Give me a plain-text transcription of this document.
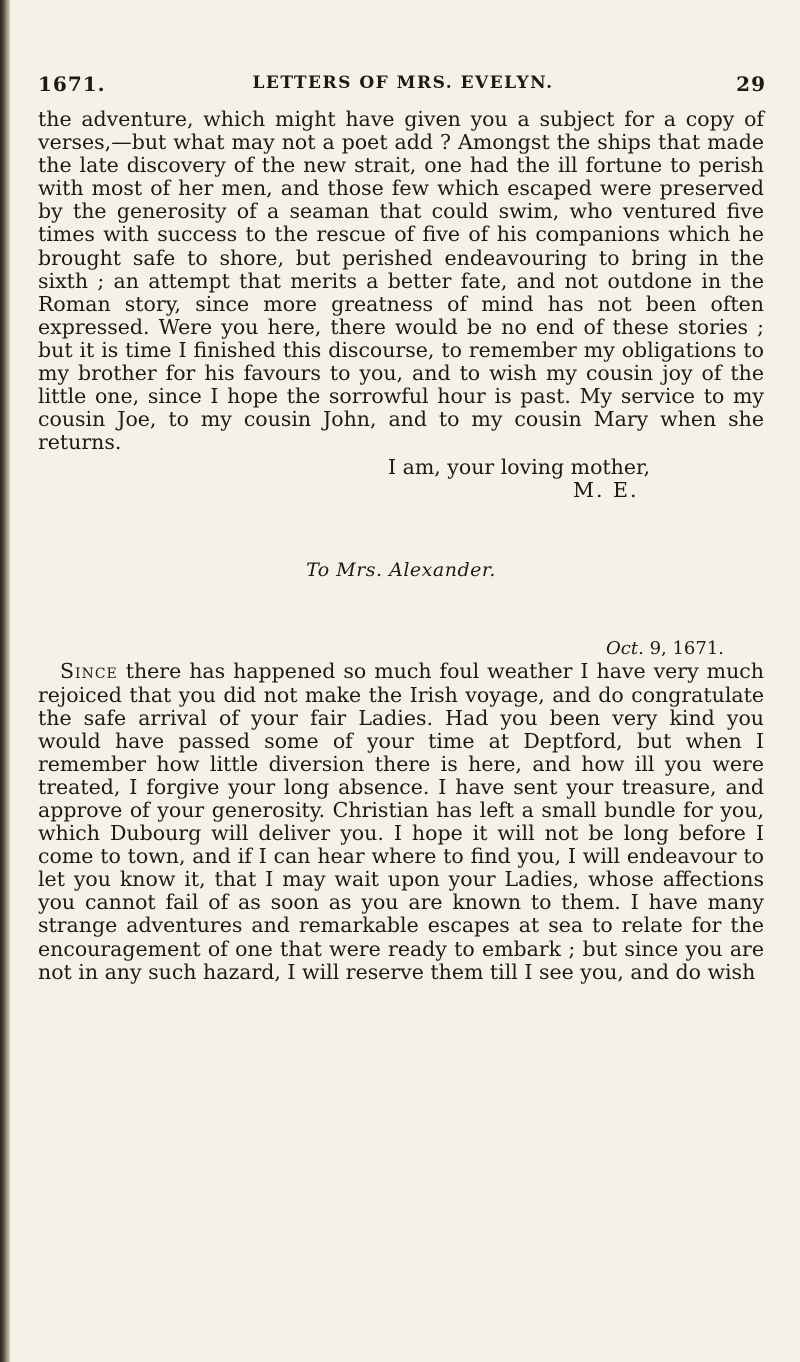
1671.	LETTERS OF MRS. EVELYN.	29

the adventure, which might have given you a subject for a copy of verses,—but what may not a poet add ? Amongst the ships that made the late discovery of the new strait, one had the ill fortune to perish with most of her men, and those few which escaped were preserved by the generosity of a seaman that could swim, who ventured five times with success to the rescue of five of his companions which he brought safe to shore, but perished endeavouring to bring in the sixth ; an attempt that merits a better fate, and not outdone in the Roman story, since more greatness of mind has not been often expressed. Were you here, there would be no end of these stories ; but it is time I finished this discourse, to remember my obligations to my brother for his favours to you, and to wish my cousin joy of the little one, since I hope the sorrowful hour is past. My service to my cousin Joe, to my cousin John, and to my cousin Mary when she returns.

I am, your loving mother,
M. E.
To Mrs. Alexander.
Oct. 9, 1671.

Since there has happened so much foul weather I have very much rejoiced that you did not make the Irish voyage, and do congratulate the safe arrival of your fair Ladies. Had you been very kind you would have passed some of your time at Deptford, but when I remember how little diversion there is here, and how ill you were treated, I forgive your long absence. I have sent your treasure, and approve of your generosity. Christian has left a small bundle for you, which Dubourg will deliver you. I hope it will not be long before I come to town, and if I can hear where to find you, I will endeavour to let you know it, that I may wait upon your Ladies, whose affections you cannot fail of as soon as you are known to them. I have many strange adventures and remarkable escapes at sea to relate for the encouragement of one that were ready to embark ; but since you are not in any such hazard, I will reserve them till I see you, and do wish
